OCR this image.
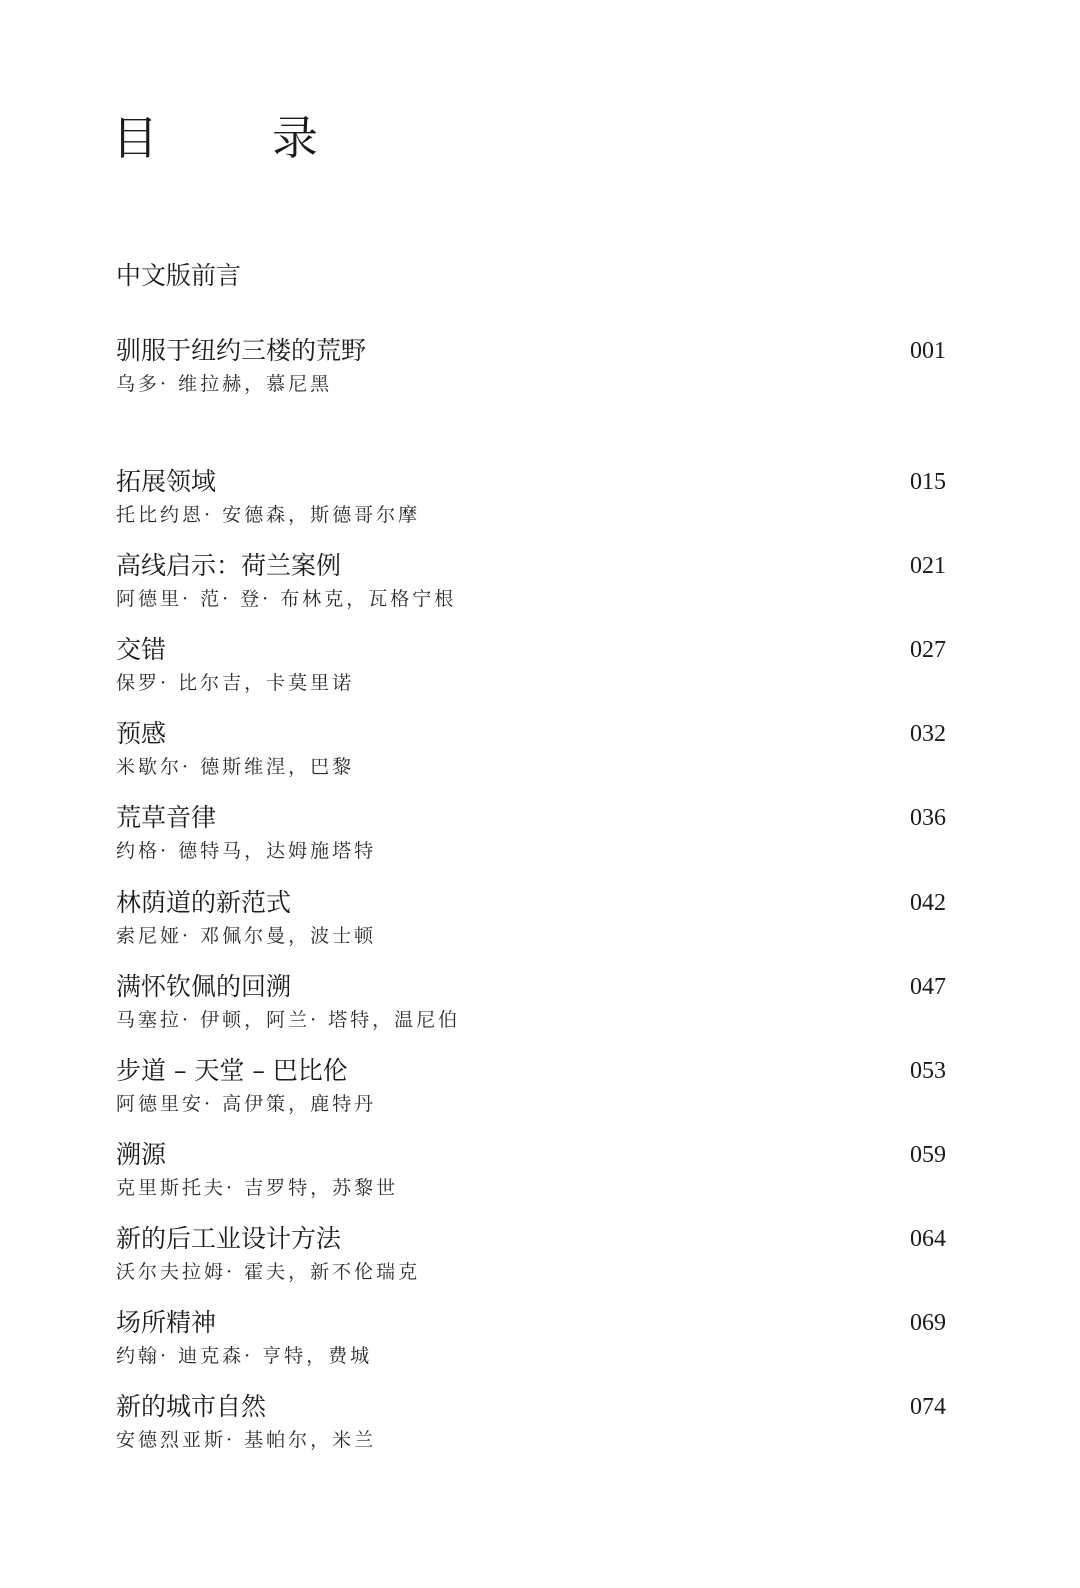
目　录
中文版前言
驯服于纽约三楼的荒野	001
乌多· 维拉赫，慕尼黑
拓展领域	015
托比约恩· 安德森，斯德哥尔摩
高线启示：荷兰案例	021
阿德里· 范· 登· 布林克，瓦格宁根
交错	027
保罗· 比尔吉，卡莫里诺
预感	032
米歇尔· 德斯维涅，巴黎
荒草音律	036
约格· 德特马，达姆施塔特
林荫道的新范式	042
索尼娅· 邓佩尔曼，波士顿
满怀钦佩的回溯	047
马塞拉· 伊顿，阿兰· 塔特，温尼伯
步道 – 天堂 – 巴比伦	053
阿德里安· 高伊策，鹿特丹
溯源	059
克里斯托夫· 吉罗特，苏黎世
新的后工业设计方法	064
沃尔夫拉姆· 霍夫，新不伦瑞克
场所精神	069
约翰· 迪克森· 亨特，费城
新的城市自然	074
安德烈亚斯· 基帕尔，米兰
